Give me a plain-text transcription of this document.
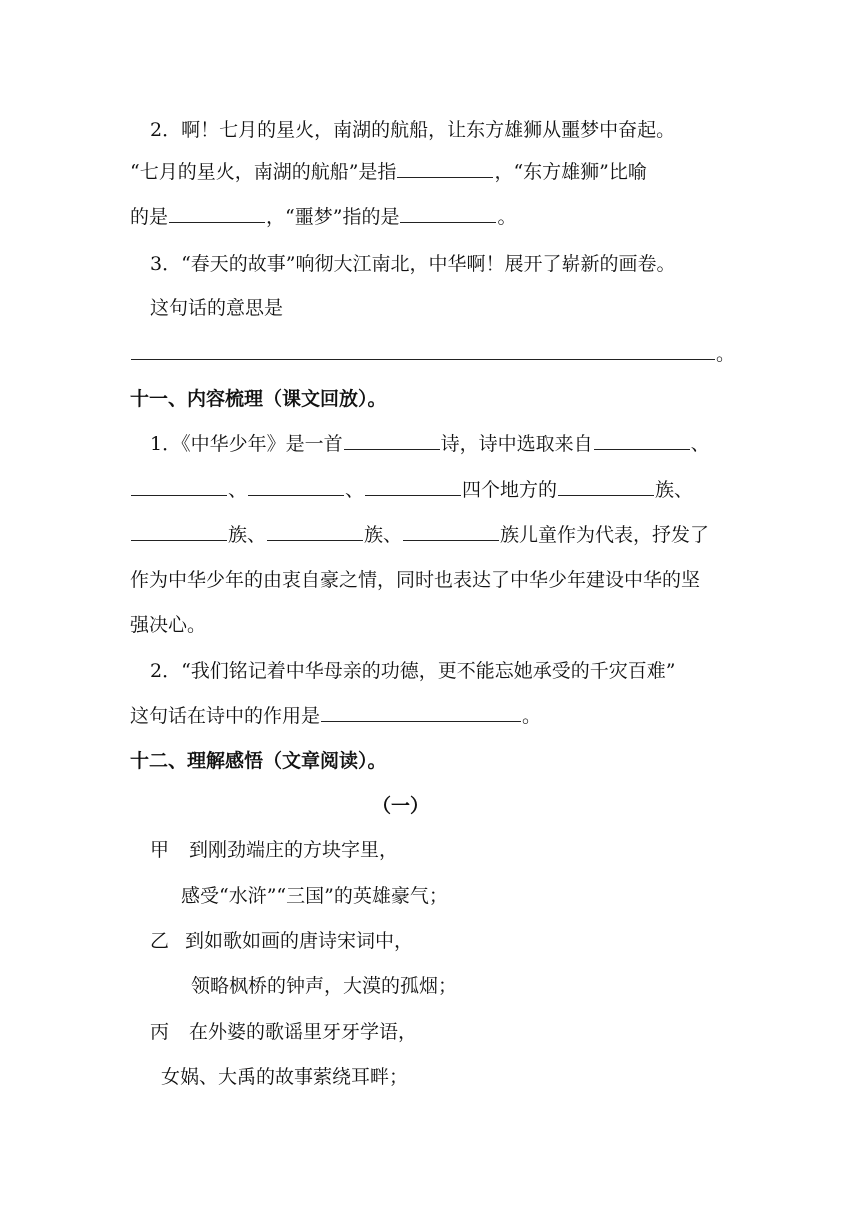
2．啊！七月的星火，南湖的航船，让东方雄狮从噩梦中奋起。
“七月的星火，南湖的航船”是指	，“东方雄狮”比喻
的是	，“噩梦”指的是	。
3．“春天的故事”响彻大江南北，中华啊！展开了崭新的画卷。
这句话的意思是
。
十一、内容梳理（课文回放）。
1．《中华少年》是一首	诗，诗中选取来自	、
、	、	四个地方的	族、
族、	族、	族儿童作为代表，抒发了
作为中华少年的由衷自豪之情，同时也表达了中华少年建设中华的坚
强决心。
2．“我们铭记着中华母亲的功德，更不能忘她承受的千灾百难”
这句话在诗中的作用是	。
十二、理解感悟（文章阅读）。
（一）
甲 到刚劲端庄的方块字里，
感受“水浒”“三国”的英雄豪气；
乙 到如歌如画的唐诗宋词中，
领略枫桥的钟声，大漠的孤烟；
丙 在外婆的歌谣里牙牙学语，
女娲、大禹的故事萦绕耳畔；
